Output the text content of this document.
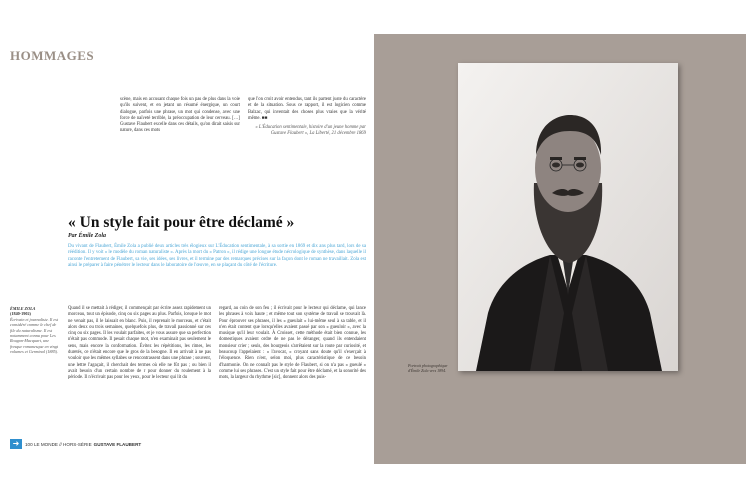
HOMMAGES

scène, mais en accusant chaque fois un pas de plus dans la voie qu'ils suivent, et en jetant un résumé énergique, un court dialogue, parfois une phrase, un mot qui condense, avec une force de naïveté terrible, la préoccupation de leur cerveau. […] Gustave Flaubert excelle dans ces détails, qu'on dirait saisis sur nature, dans ces mots

que l'on croit avoir entendus, tant ils partent juste du caractère et de la situation. Sous ce rapport, il est logicien comme Balzac, qui inventait des choses plus vraies que la vérité même. ■■

« L'Éducation sentimentale, histoire d'un jeune homme par Gustave Flaubert », La Liberté, 21 décembre 1869

« Un style fait pour être déclamé »
Par Émile Zola
Du vivant de Flaubert, Émile Zola a publié deux articles très élogieux sur L'Éducation sentimentale, à sa sortie en 1869 et dix ans plus tard, lors de sa réédition. Il y voit « le modèle du roman naturaliste ». Après la mort du « Patron », il rédige une longue étude nécrologique de synthèse, dans laquelle il raconte l'entretement de Flaubert, sa vie, ses idées, ses livres, et il termine par des remarques précises sur la façon dont le roman ne travaillait. Zola est ainsi le préparer à faire pénétrer le lecteur dans le laboratoire de l'œuvre, en se plaçant du côté de l'écriture.
ÉMILE ZOLA
(1840-1902)
Écrivain et journaliste. Il est considéré comme le chef de file du naturalisme. Il est notamment connu pour Les Rougon-Macquart, une fresque romanesque en vingt volumes et Germinal (1885).

Quand il se mettait à rédiger, il commençait par écrire assez rapidement un morceau, tout un épisode, cinq ou six pages au plus. Parfois, lorsque le mot ne venait pas, il le laissait en blanc. Puis, il reprenait le morceau, et c'était alors deux ou trois semaines, quelquefois plus, de travail passionné sur ces cinq ou six pages. Il les voulait parfaites, et je vous assure que sa perfection n'était pas commode. Il pesait chaque mot, n'en examinait pas seulement le sens, mais encore la conformation. Évitez les répétitions, les rimes, les duretés, ce n'était encore que le gros de la besogne. Il en arrivait à ne pas vouloir que les mêmes syllabes se rencontrassent dans une phrase ; souvent, une lettre l'agaçait, il cherchait des termes où elle ne fût pas ; ou bien il avait besoin d'un certain nombre de r pour donner du roulement à la période. Il n'écrivait pas pour les yeux, pour le lecteur qui lit du

regard, au coin de son feu ; il écrivait pour le lecteur qui déclame, qui lance les phrases à voix haute ; et même tout son système de travail se trouvait là. Pour éprouver ses phrases, il les « gueulait » lui-même seul à sa table, et il n'en était content que lorsqu'elles avaient passé par son « gueuloir », avec la musique qu'il leur voulait. À Croisset, cette méthode était bien connue, les domestiques avaient ordre de ne pas le déranger, quand ils entendaient monsieur crier ; seuls, des bourgeois s'arrêtaient sur la route par curiosité, et beaucoup l'appelaient : « l'avocat, » croyant sans doute qu'il s'exerçait à l'éloquence. Rien n'est, selon moi, plus caractéristique de ce besoin d'harmonie. On ne connaît pas le style de Flaubert, si on n'a pas « gueulé » comme lui ses phrases. C'est un style fait pour être déclamé, et la sonorité des mots, la largeur du rhythme [sic], donnent alors des puis-

➜	100
LE MONDE // HORS-SÉRIE GUSTAVE FLAUBERT
Portrait photographique d'Émile Zola vers 1894.
